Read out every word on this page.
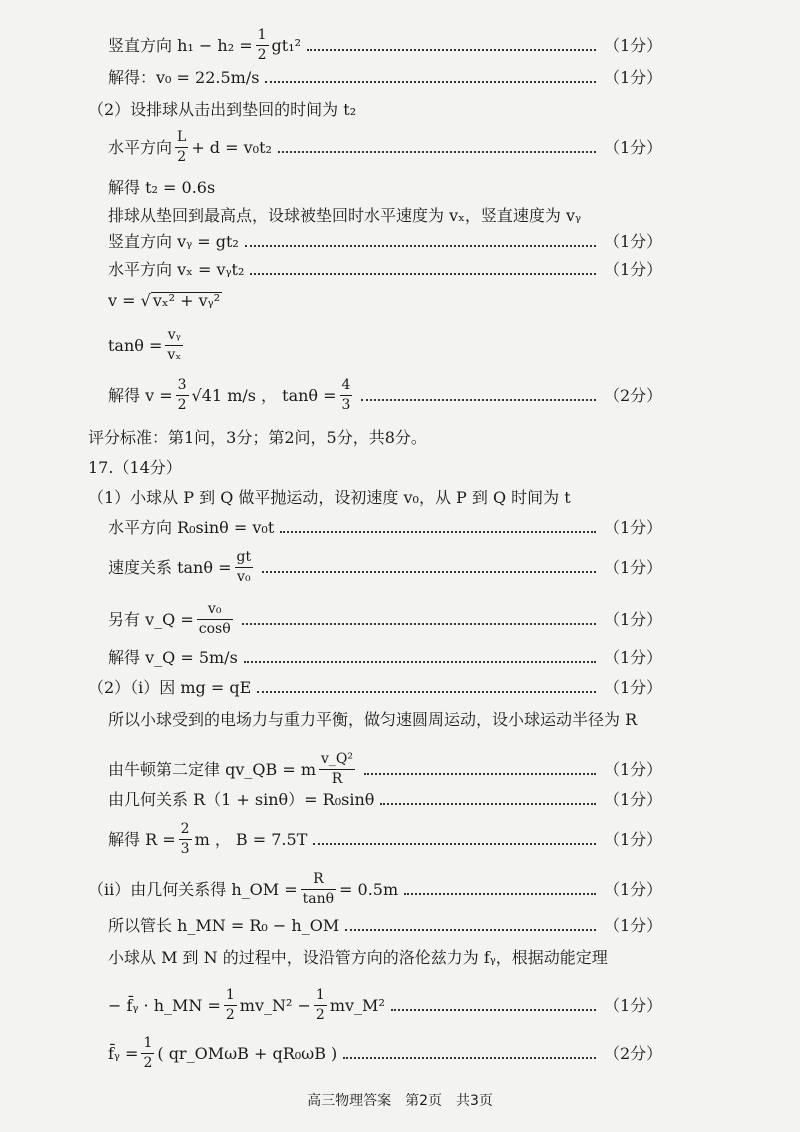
竖直方向 $h_1 - h_2 = \frac{1}{2} gt_1^2$	（1分）
解得：v₀ = 22.5m/s	（1分）
（2）设排球从击出到垫回的时间为 t₂
水平方向 $\frac{L}{2} + d = v_0t_2$	（1分）
解得 t₂ = 0.6s
排球从垫回到最高点，设球被垫回时水平速度为 vₓ，竖直速度为 vᵧ
竖直方向 vᵧ = gt₂	（1分）
水平方向 vₓ = vᵧt₂	（1分）
v = √ vₓ² + vᵧ²
$\tan\theta = \frac{\text{vᵧ}}{\text{vₓ}}$
解得 $v = \frac{3}{2} √41$ m/s ， $\tan\theta = \frac{4}{3}$	（2分）
评分标准：第1问，3分；第2问，5分，共8分。
17.（14分）
（1）小球从 P 到 Q 做平抛运动，设初速度 v₀，从 P 到 Q 时间为 t
水平方向 R₀sinθ = v₀t	（1分）
速度关系 $\tan\theta = \frac{gt}{\text{v₀}}$	（1分）
另有 v_Q = $\frac{\text{v₀}}{\cos\theta}$	（1分）
解得 v_Q = 5m/s	（1分）
（2）（i）因 mg = qE	（1分）
所以小球受到的电场力与重力平衡，做匀速圆周运动，设小球运动半径为 R
由牛顿第二定律 qv_QB = m $\frac{\text{v\_Q²}}{R}$	（1分）
由几何关系 R（1 + sinθ）= R₀sinθ	（1分）
解得 $R = \frac{2}{3}$ m ， B = 7.5T	（1分）
（ii）由几何关系得 h_OM = $\frac{R}{\tan\theta} = 0.5m$	（1分）
所以管长 h_MN = R₀ − h_OM	（1分）
小球从 M 到 N 的过程中，设沿管方向的洛伦兹力为 fᵧ，根据动能定理
− f̄ᵧ · h_MN = $\frac{1}{2}$ mv_N² − $\frac{1}{2}$ mv_M²	（1分）
f̄ᵧ = $\frac{1}{2}$ ( qr_OMωB + qR₀ωB )	（2分）
高三物理答案　第2页　共3页
